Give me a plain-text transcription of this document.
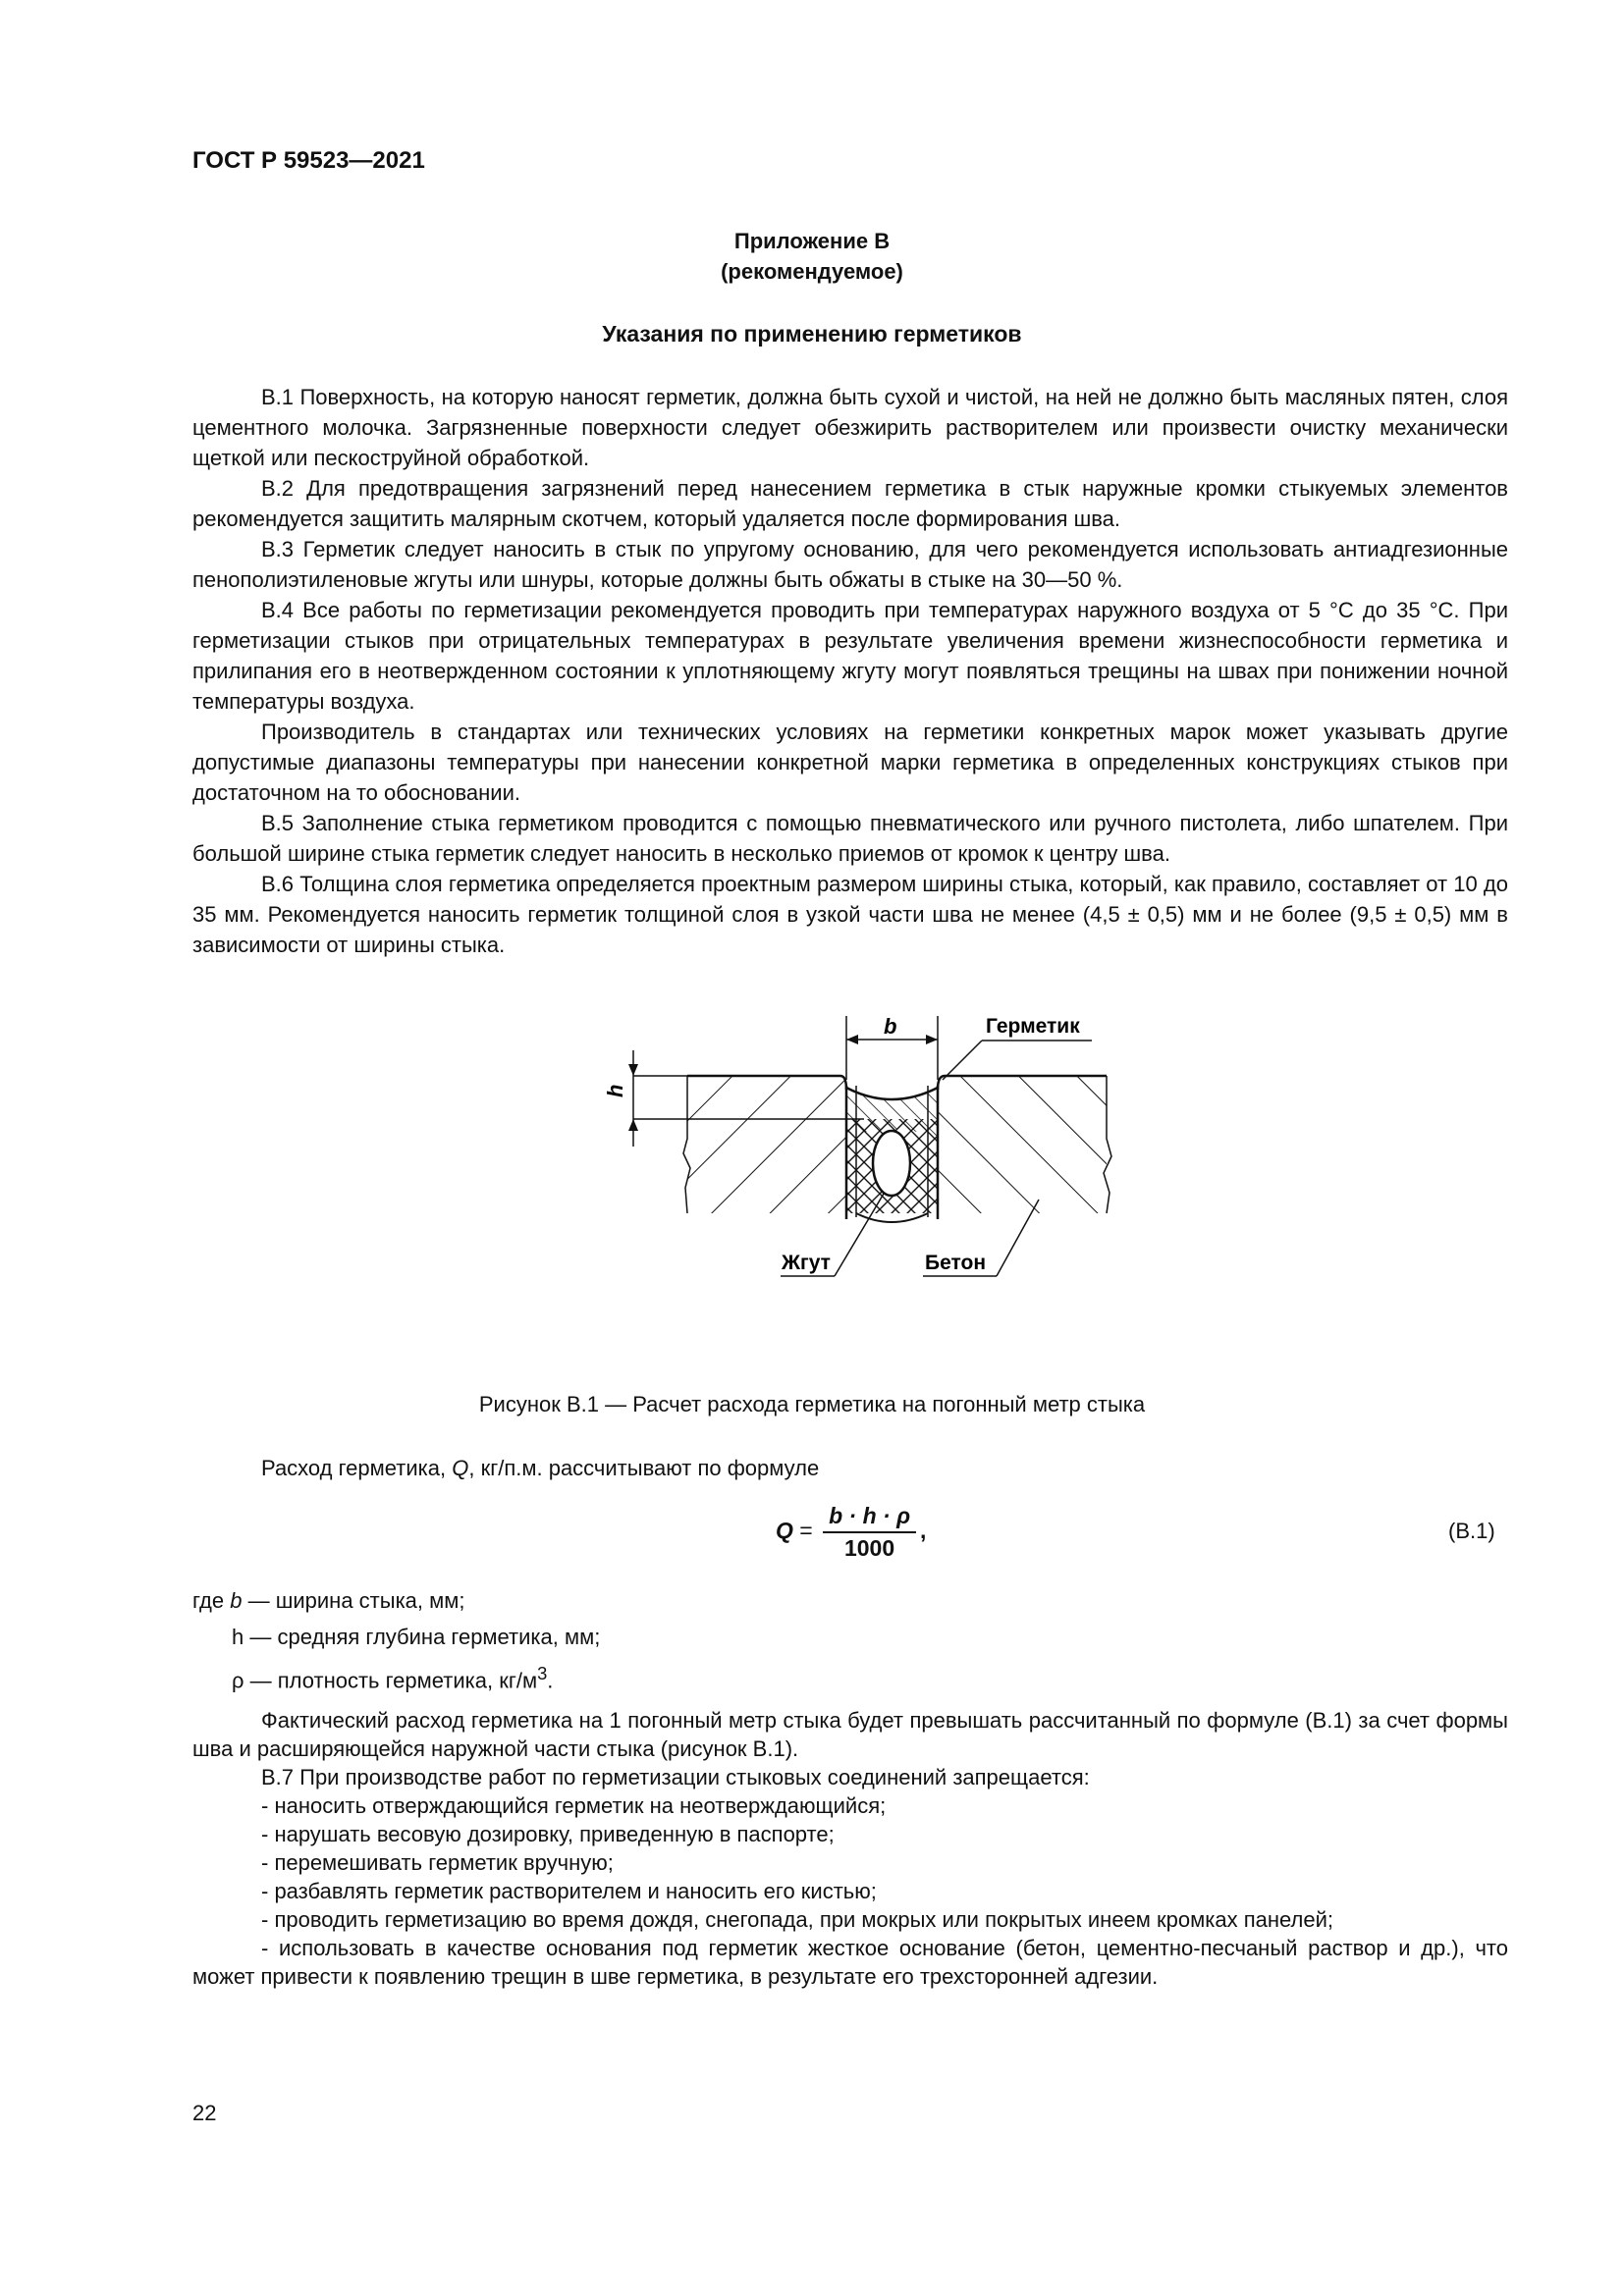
ГОСТ Р 59523—2021
Приложение В
(рекомендуемое)
Указания по применению герметиков

В.1 Поверхность, на которую наносят герметик, должна быть сухой и чистой, на ней не должно быть масляных пятен, слоя цементного молочка. Загрязненные поверхности следует обезжирить растворителем или произвести очистку механически щеткой или пескоструйной обработкой.

В.2 Для предотвращения загрязнений перед нанесением герметика в стык наружные кромки стыкуемых элементов рекомендуется защитить малярным скотчем, который удаляется после формирования шва.

В.3 Герметик следует наносить в стык по упругому основанию, для чего рекомендуется использовать антиадгезионные пенополиэтиленовые жгуты или шнуры, которые должны быть обжаты в стыке на 30—50 %.

В.4 Все работы по герметизации рекомендуется проводить при температурах наружного воздуха от 5 °С до 35 °С. При герметизации стыков при отрицательных температурах в результате увеличения времени жизнеспособности герметика и прилипания его в неотвержденном состоянии к уплотняющему жгуту могут появляться трещины на швах при понижении ночной температуры воздуха.

Производитель в стандартах или технических условиях на герметики конкретных марок может указывать другие допустимые диапазоны температуры при нанесении конкретной марки герметика в определенных конструкциях стыков при достаточном на то обосновании.

В.5 Заполнение стыка герметиком проводится с помощью пневматического или ручного пистолета, либо шпателем. При большой ширине стыка герметик следует наносить в несколько приемов от кромок к центру шва.

В.6 Толщина слоя герметика определяется проектным размером ширины стыка, который, как правило, составляет от 10 до 35 мм. Рекомендуется наносить герметик толщиной слоя в узкой части шва не менее (4,5 ± 0,5) мм и не более (9,5 ± 0,5) мм в зависимости от ширины стыка.

h
b	Герметик
Жгут	Бетон
Рисунок В.1 — Расчет расхода герметика на погонный метр стыка
Расход герметика, Q, кг/п.м. рассчитывают по формуле
$Q = \frac{b \cdot h \cdot \rho}{1000}$ ,	(В.1)
где b — ширина стыка, мм;
h — средняя глубина герметика, мм;
ρ — плотность герметика, $кг/м^3$.

Фактический расход герметика на 1 погонный метр стыка будет превышать рассчитанный по формуле (В.1) за счет формы шва и расширяющейся наружной части стыка (рисунок В.1).

В.7 При производстве работ по герметизации стыковых соединений запрещается:

- наносить отверждающийся герметик на неотверждающийся;

- нарушать весовую дозировку, приведенную в паспорте;

- перемешивать герметик вручную;

- разбавлять герметик растворителем и наносить его кистью;

- проводить герметизацию во время дождя, снегопада, при мокрых или покрытых инеем кромках панелей;

- использовать в качестве основания под герметик жесткое основание (бетон, цементно-песчаный раствор и др.), что может привести к появлению трещин в шве герметика, в результате его трехсторонней адгезии.

22
